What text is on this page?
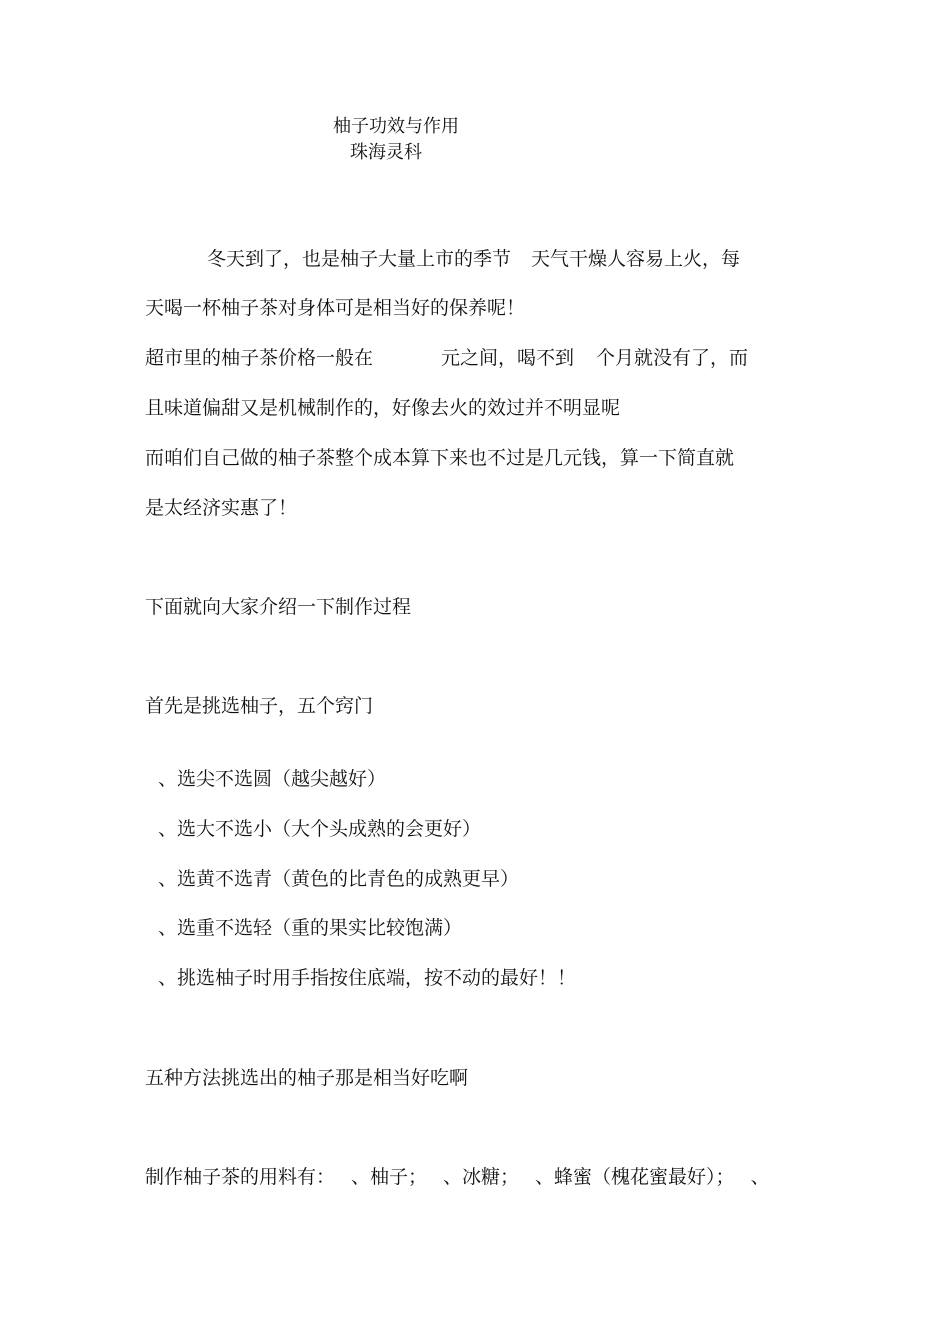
柚子功效与作用
珠海灵科
冬天到了，也是柚子大量上市的季节 天气干燥人容易上火，每
天喝一杯柚子茶对身体可是相当好的保养呢！
超市里的柚子茶价格一般在	元之间，喝不到 个月就没有了，而
且味道偏甜又是机械制作的，好像去火的效过并不明显呢
而咱们自己做的柚子茶整个成本算下来也不过是几元钱，算一下简直就
是太经济实惠了！
下面就向大家介绍一下制作过程
首先是挑选柚子，五个窍门
、选尖不选圆（越尖越好）
、选大不选小（大个头成熟的会更好）
、选黄不选青（黄色的比青色的成熟更早）
、选重不选轻（重的果实比较饱满）
、挑选柚子时用手指按住底端，按不动的最好！！
五种方法挑选出的柚子那是相当好吃啊
制作柚子茶的用料有： 、柚子； 、冰糖； 、蜂蜜（槐花蜜最好）； 、
